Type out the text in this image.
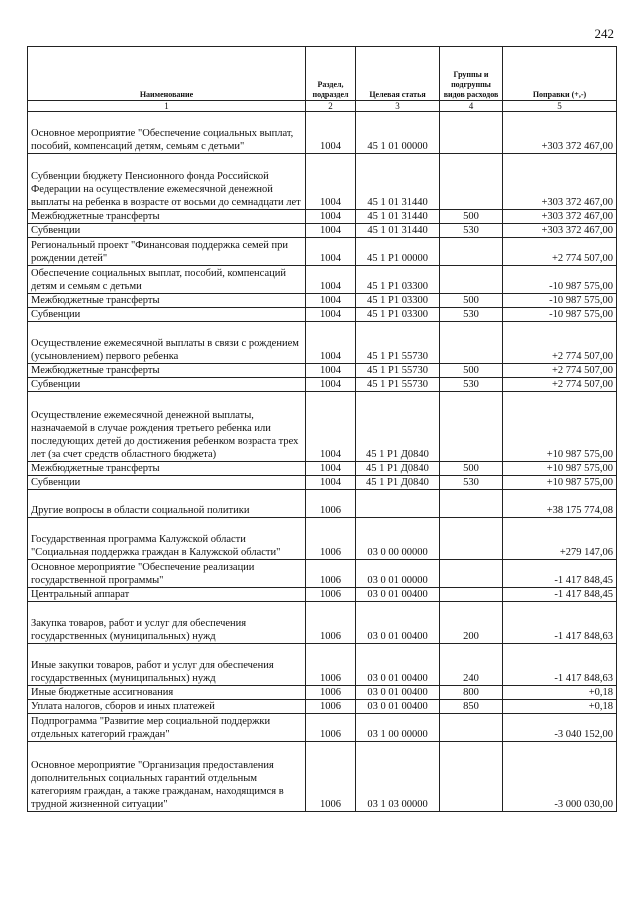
242
Наименование	Раздел, подраздел	Целевая статья	Группы и подгруппы видов расходов	Поправки (+,-)
1	2	3	4	5
Основное мероприятие "Обеспечение социальных выплат, пособий, компенсаций детям, семьям с детьми"	1004	45 1 01 00000		+303 372 467,00
Субвенции бюджету Пенсионного фонда Российской Федерации на осуществление ежемесячной денежной выплаты на ребенка в возрасте от восьми до семнадцати лет	1004	45 1 01 31440		+303 372 467,00
Межбюджетные трансферты	1004	45 1 01 31440	500	+303 372 467,00
Субвенции	1004	45 1 01 31440	530	+303 372 467,00
Региональный проект "Финансовая поддержка семей при рождении детей"	1004	45 1 P1 00000		+2 774 507,00
Обеспечение социальных выплат, пособий, компенсаций детям и семьям с детьми	1004	45 1 P1 03300		-10 987 575,00
Межбюджетные трансферты	1004	45 1 P1 03300	500	-10 987 575,00
Субвенции	1004	45 1 P1 03300	530	-10 987 575,00
Осуществление ежемесячной выплаты в связи с рождением (усыновлением) первого ребенка	1004	45 1 P1 55730		+2 774 507,00
Межбюджетные трансферты	1004	45 1 P1 55730	500	+2 774 507,00
Субвенции	1004	45 1 P1 55730	530	+2 774 507,00
Осуществление ежемесячной денежной выплаты, назначаемой в случае рождения третьего ребенка или последующих детей до достижения ребенком возраста трех лет (за счет средств областного бюджета)	1004	45 1 P1 Д0840		+10 987 575,00
Межбюджетные трансферты	1004	45 1 P1 Д0840	500	+10 987 575,00
Субвенции	1004	45 1 P1 Д0840	530	+10 987 575,00
Другие вопросы в области социальной политики	1006			+38 175 774,08
Государственная программа Калужской области "Социальная поддержка граждан в Калужской области"	1006	03 0 00 00000		+279 147,06
Основное мероприятие "Обеспечение реализации государственной программы"	1006	03 0 01 00000		-1 417 848,45
Центральный аппарат	1006	03 0 01 00400		-1 417 848,45
Закупка товаров, работ и услуг для обеспечения государственных (муниципальных) нужд	1006	03 0 01 00400	200	-1 417 848,63
Иные закупки товаров, работ и услуг для обеспечения государственных (муниципальных) нужд	1006	03 0 01 00400	240	-1 417 848,63
Иные бюджетные ассигнования	1006	03 0 01 00400	800	+0,18
Уплата налогов, сборов и иных платежей	1006	03 0 01 00400	850	+0,18
Подпрограмма "Развитие мер социальной поддержки отдельных категорий граждан"	1006	03 1 00 00000		-3 040 152,00
Основное мероприятие "Организация предоставления дополнительных социальных гарантий отдельным категориям граждан, а также гражданам, находящимся в трудной жизненной ситуации"	1006	03 1 03 00000		-3 000 030,00
